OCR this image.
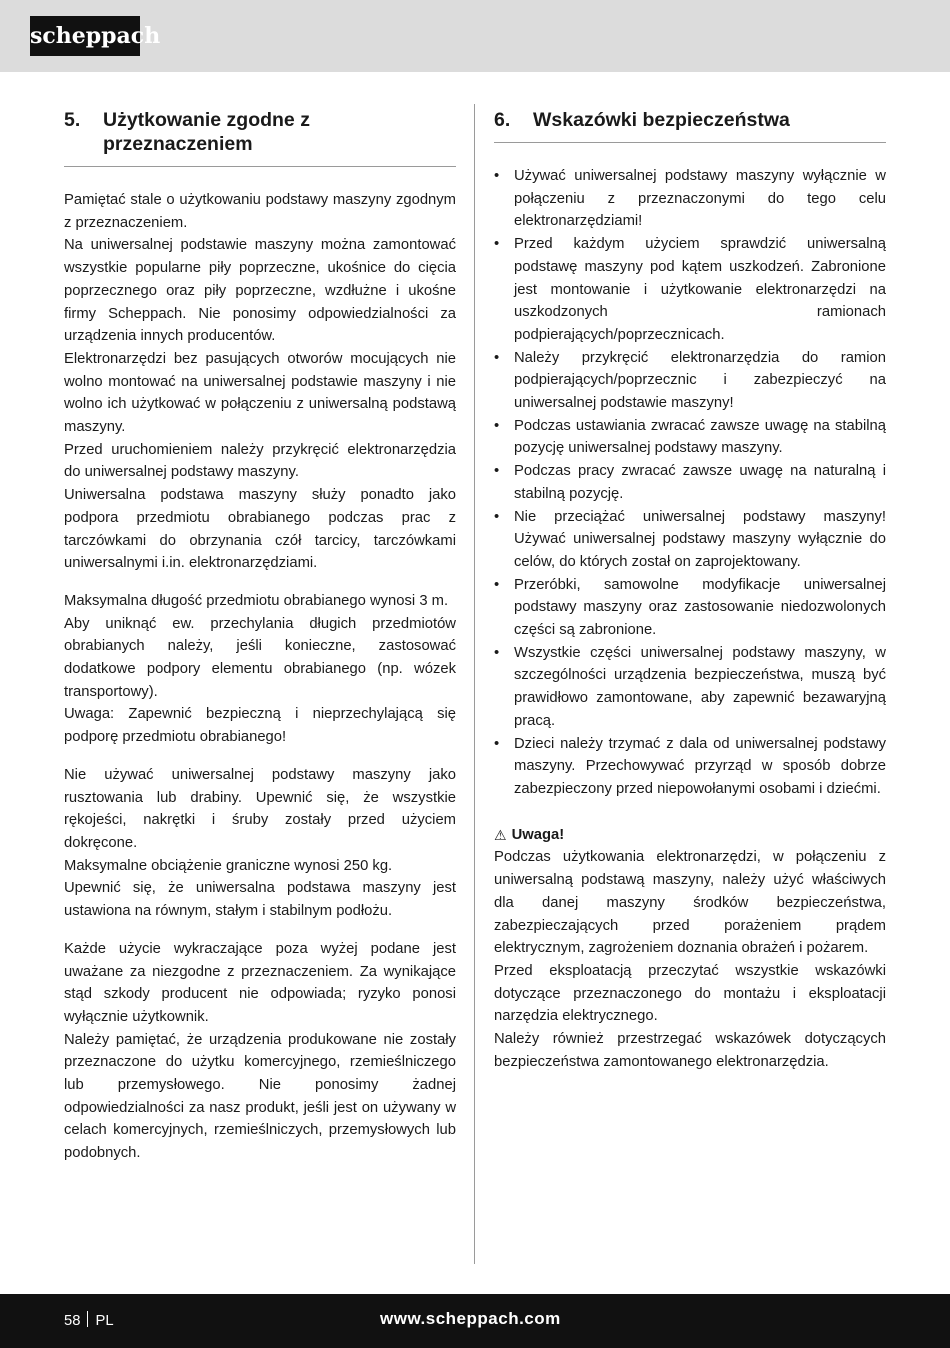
scheppach
5.	Użytkowanie zgodne z przeznaczeniem

Pamiętać stale o użytkowaniu podstawy maszyny zgodnym z przeznaczeniem.

Na uniwersalnej podstawie maszyny można zamontować wszystkie popularne piły poprzeczne, ukośnice do cięcia poprzecznego oraz piły poprzeczne, wzdłużne i ukośne firmy Scheppach. Nie ponosimy odpowiedzialności za urządzenia innych producentów.

Elektronarzędzi bez pasujących otworów mocujących nie wolno montować na uniwersalnej podstawie maszyny i nie wolno ich użytkować w połączeniu z uniwersalną podstawą maszyny.

Przed uruchomieniem należy przykręcić elektronarzędzia do uniwersalnej podstawy maszyny.

Uniwersalna podstawa maszyny służy ponadto jako podpora przedmiotu obrabianego podczas prac z tarczówkami do obrzynania czół tarcicy, tarczówkami uniwersalnymi i.in. elektronarzędziami.

Maksymalna długość przedmiotu obrabianego wynosi 3 m.

Aby uniknąć ew. przechylania długich przedmiotów obrabianych należy, jeśli konieczne, zastosować dodatkowe podpory elementu obrabianego (np. wózek transportowy).

Uwaga: Zapewnić bezpieczną i nieprzechylającą się podporę przedmiotu obrabianego!

Nie używać uniwersalnej podstawy maszyny jako rusztowania lub drabiny. Upewnić się, że wszystkie rękojeści, nakrętki i śruby zostały przed użyciem dokręcone.

Maksymalne obciążenie graniczne wynosi 250 kg.

Upewnić się, że uniwersalna podstawa maszyny jest ustawiona na równym, stałym i stabilnym podłożu.

Każde użycie wykraczające poza wyżej podane jest uważane za niezgodne z przeznaczeniem. Za wynikające stąd szkody producent nie odpowiada; ryzyko ponosi wyłącznie użytkownik.

Należy pamiętać, że urządzenia produkowane nie zostały przeznaczone do użytku komercyjnego, rzemieślniczego lub przemysłowego. Nie ponosimy żadnej odpowiedzialności za nasz produkt, jeśli jest on używany w celach komercyjnych, rzemieślniczych, przemysłowych lub podobnych.

6.	Wskazówki bezpieczeństwa
• Używać uniwersalnej podstawy maszyny wyłącznie w połączeniu z przeznaczonymi do tego celu elektronarzędziami!
• Przed każdym użyciem sprawdzić uniwersalną podstawę maszyny pod kątem uszkodzeń. Zabronione jest montowanie i użytkowanie elektronarzędzi na uszkodzonych ramionach podpierających/poprzecznicach.
• Należy przykręcić elektronarzędzia do ramion podpierających/poprzecznic i zabezpieczyć na uniwersalnej podstawie maszyny!
• Podczas ustawiania zwracać zawsze uwagę na stabilną pozycję uniwersalnej podstawy maszyny.
• Podczas pracy zwracać zawsze uwagę na naturalną i stabilną pozycję.
• Nie przeciążać uniwersalnej podstawy maszyny! Używać uniwersalnej podstawy maszyny wyłącznie do celów, do których został on zaprojektowany.
• Przeróbki, samowolne modyfikacje uniwersalnej podstawy maszyny oraz zastosowanie niedozwolonych części są zabronione.
• Wszystkie części uniwersalnej podstawy maszyny, w szczególności urządzenia bezpieczeństwa, muszą być prawidłowo zamontowane, aby zapewnić bezawaryjną pracą.
• Dzieci należy trzymać z dala od uniwersalnej podstawy maszyny. Przechowywać przyrząd w sposób dobrze zabezpieczony przed niepowołanymi osobami i dziećmi.
⚠ Uwaga!

Podczas użytkowania elektronarzędzi, w połączeniu z uniwersalną podstawą maszyny, należy użyć właściwych dla danej maszyny środków bezpieczeństwa, zabezpieczających przed porażeniem prądem elektrycznym, zagrożeniem doznania obrażeń i pożarem.

Przed eksploatacją przeczytać wszystkie wskazówki dotyczące przeznaczonego do montażu i eksploatacji narzędzia elektrycznego.

Należy również przestrzegać wskazówek dotyczących bezpieczeństwa zamontowanego elektronarzędzia.

58 PL	www.scheppach.com
